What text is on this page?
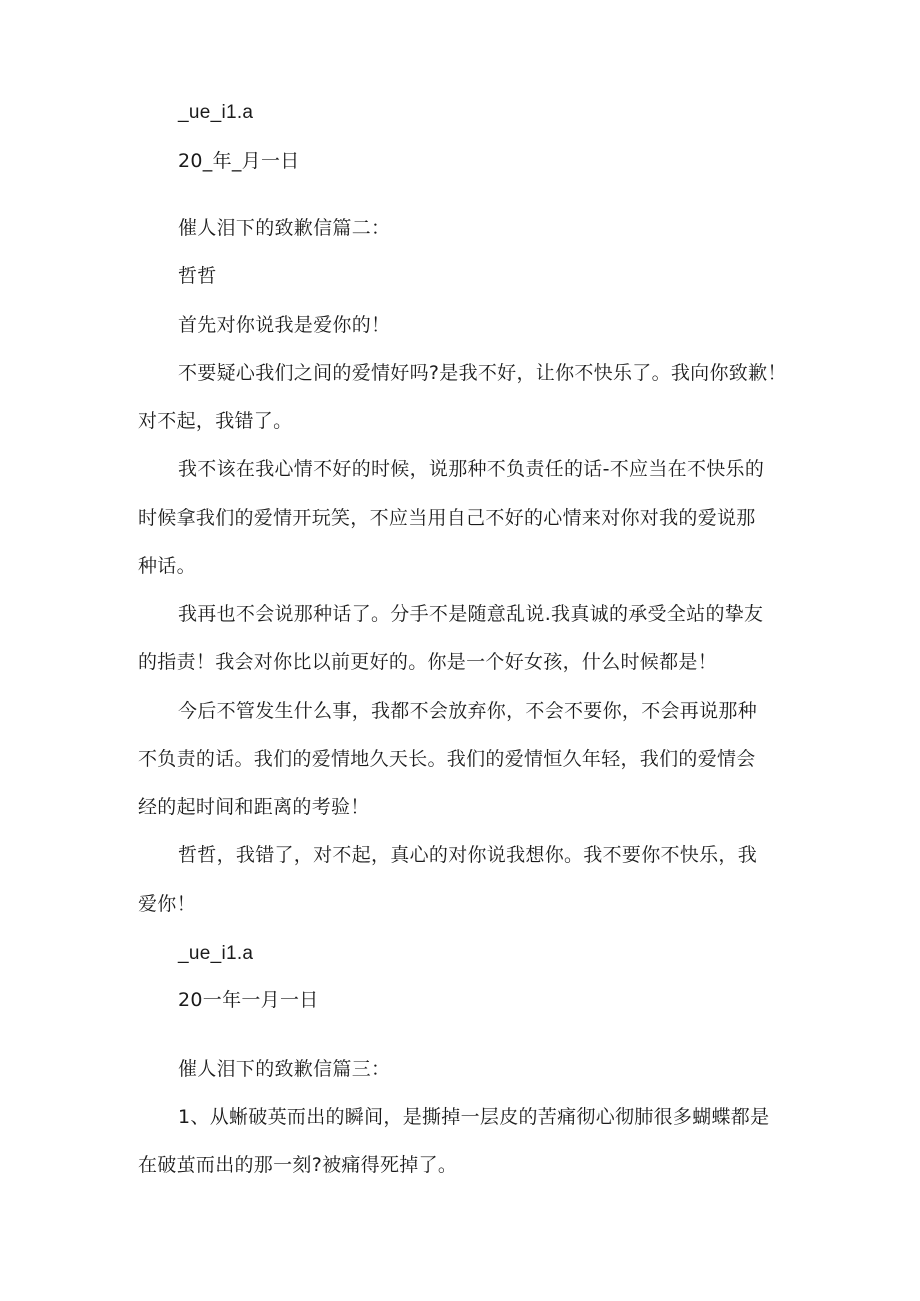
_ue_i1.a
20_年_月一日
催人泪下的致歉信篇二：
哲哲
首先对你说我是爱你的！
不要疑心我们之间的爱情好吗?是我不好，让你不快乐了。我向你致歉！
对不起，我错了。
我不该在我心情不好的时候，说那种不负责任的话-不应当在不快乐的
时候拿我们的爱情开玩笑，不应当用自己不好的心情来对你对我的爱说那
种话。
我再也不会说那种话了。分手不是随意乱说.我真诚的承受全站的挚友
的指责！我会对你比以前更好的。你是一个好女孩，什么时候都是！
今后不管发生什么事，我都不会放弃你，不会不要你，不会再说那种
不负责的话。我们的爱情地久天长。我们的爱情恒久年轻，我们的爱情会
经的起时间和距离的考验！
哲哲，我错了，对不起，真心的对你说我想你。我不要你不快乐，我
爱你！
_ue_i1.a
20一年一月一日
催人泪下的致歉信篇三：
1、从蜥破英而出的瞬间，是撕掉一层皮的苦痛彻心彻肺很多蝴蝶都是
在破茧而出的那一刻?被痛得死掉了。
